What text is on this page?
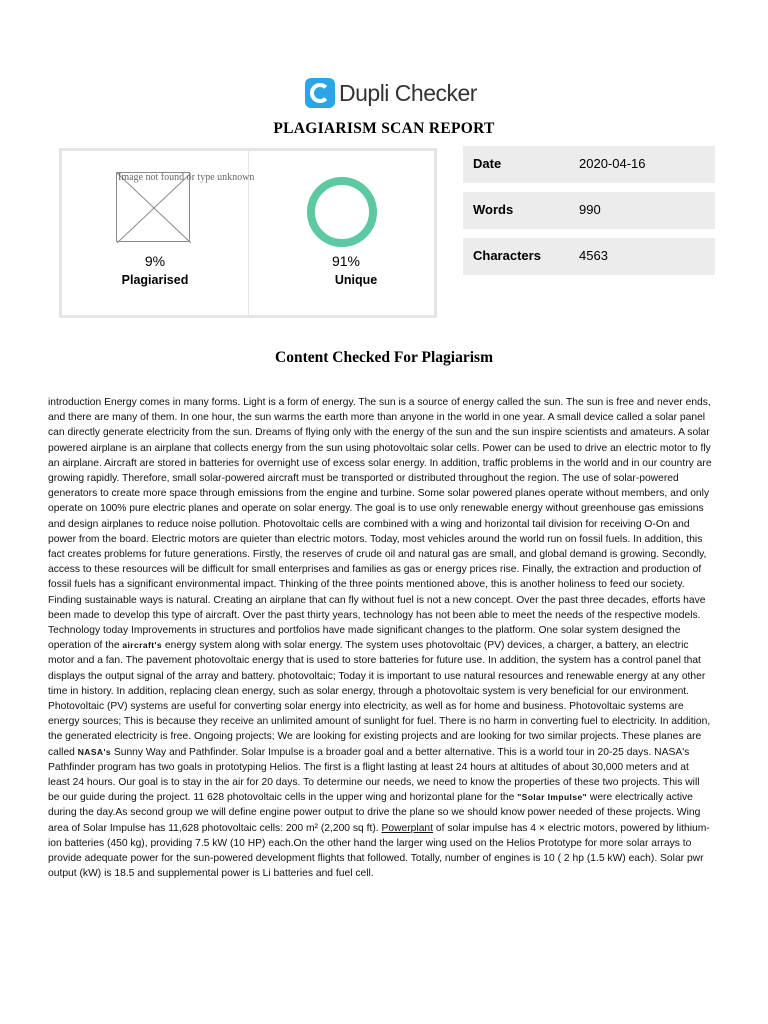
Dupli Checker
PLAGIARISM SCAN REPORT
Image not found or type unknown
9%
Plagiarised
91%
Unique
Date	2020-04-16
Words	990
Characters	4563
Content Checked For Plagiarism

introduction Energy comes in many forms. Light is a form of energy. The sun is a source of energy called the sun. The sun is free and never ends, and there are many of them. In one hour, the sun warms the earth more than anyone in the world in one year. A small device called a solar panel can directly generate electricity from the sun. Dreams of flying only with the energy of the sun and the sun inspire scientists and amateurs. A solar powered airplane is an airplane that collects energy from the sun using photovoltaic solar cells. Power can be used to drive an electric motor to fly an airplane. Aircraft are stored in batteries for overnight use of excess solar energy. In addition, traffic problems in the world and in our country are growing rapidly. Therefore, small solar-powered aircraft must be transported or distributed throughout the region. The use of solar-powered generators to create more space through emissions from the engine and turbine. Some solar powered planes operate without members, and only operate on 100% pure electric planes and operate on solar energy. The goal is to use only renewable energy without greenhouse gas emissions and design airplanes to reduce noise pollution. Photovoltaic cells are combined with a wing and horizontal tail division for receiving O-On and power from the board. Electric motors are quieter than electric motors. Today, most vehicles around the world run on fossil fuels. In addition, this fact creates problems for future generations. Firstly, the reserves of crude oil and natural gas are small, and global demand is growing. Secondly, access to these resources will be difficult for small enterprises and families as gas or energy prices rise. Finally, the extraction and production of fossil fuels has a significant environmental impact. Thinking of the three points mentioned above, this is another holiness to feed our society. Finding sustainable ways is natural. Creating an airplane that can fly without fuel is not a new concept. Over the past three decades, efforts have been made to develop this type of aircraft. Over the past thirty years, technology has not been able to meet the needs of the respective models. Technology today Improvements in structures and portfolios have made significant changes to the platform. One solar system designed the operation of the aircraft's energy system along with solar energy. The system uses photovoltaic (PV) devices, a charger, a battery, an electric motor and a fan. The pavement photovoltaic energy that is used to store batteries for future use. In addition, the system has a control panel that displays the output signal of the array and battery. photovoltaic; Today it is important to use natural resources and renewable energy at any other time in history. In addition, replacing clean energy, such as solar energy, through a photovoltaic system is very beneficial for our environment. Photovoltaic (PV) systems are useful for converting solar energy into electricity, as well as for home and business. Photovoltaic systems are energy sources; This is because they receive an unlimited amount of sunlight for fuel. There is no harm in converting fuel to electricity. In addition, the generated electricity is free. Ongoing projects; We are looking for existing projects and are looking for two similar projects. These planes are called NASA's Sunny Way and Pathfinder. Solar Impulse is a broader goal and a better alternative. This is a world tour in 20-25 days. NASA's Pathfinder program has two goals in prototyping Helios. The first is a flight lasting at least 24 hours at altitudes of about 30,000 meters and at least 24 hours. Our goal is to stay in the air for 20 days. To determine our needs, we need to know the properties of these two projects. This will be our guide during the project. 11 628 photovoltaic cells in the upper wing and horizontal plane for the "Solar Impulse" were electrically active during the day.As second group we will define engine power output to drive the plane so we should know power needed of these projects. Wing area of Solar Impulse has 11,628 photovoltaic cells: 200 m² (2,200 sq ft). Powerplant of solar impulse has 4 × electric motors, powered by lithium-ion batteries (450 kg), providing 7.5 kW (10 HP) each.On the other hand the larger wing used on the Helios Prototype for more solar arrays to provide adequate power for the sun-powered development flights that followed. Totally, number of engines is 10 ( 2 hp (1.5 kW) each). Solar pwr output (kW) is 18.5 and supplemental power is Li batteries and fuel cell.
